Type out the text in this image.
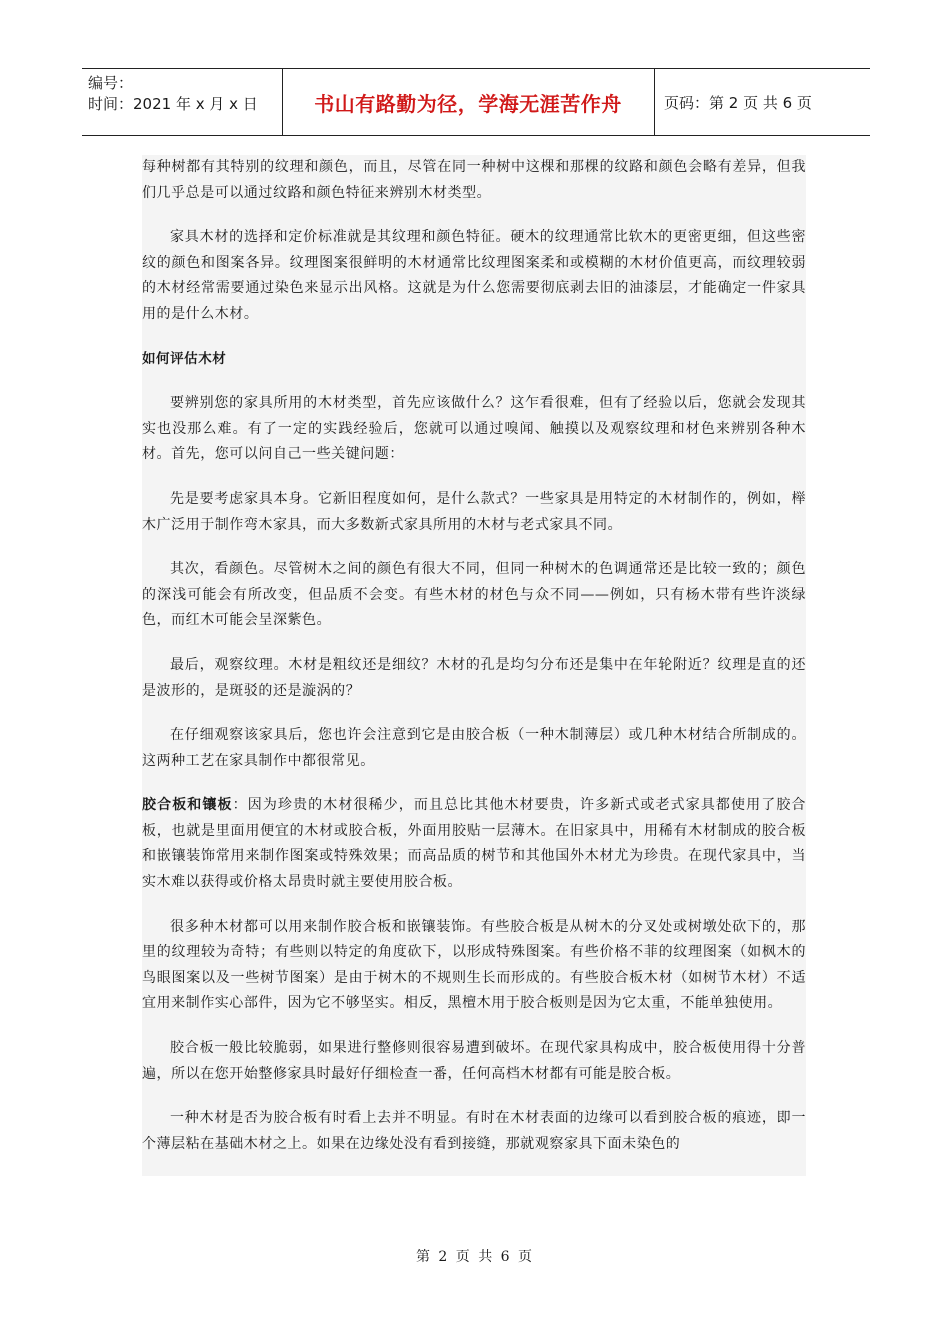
编号：
时间：2021 年 x 月 x 日	书山有路勤为径，学海无涯苦作舟	页码：第 2 页 共 6 页

每种树都有其特别的纹理和颜色，而且，尽管在同一种树中这棵和那棵的纹路和颜色会略有差异，但我们几乎总是可以通过纹路和颜色特征来辨别木材类型。

家具木材的选择和定价标准就是其纹理和颜色特征。硬木的纹理通常比软木的更密更细，但这些密纹的颜色和图案各异。纹理图案很鲜明的木材通常比纹理图案柔和或模糊的木材价值更高，而纹理较弱的木材经常需要通过染色来显示出风格。这就是为什么您需要彻底剥去旧的油漆层，才能确定一件家具用的是什么木材。

如何评估木材

要辨别您的家具所用的木材类型，首先应该做什么？这乍看很难，但有了经验以后，您就会发现其实也没那么难。有了一定的实践经验后，您就可以通过嗅闻、触摸以及观察纹理和材色来辨别各种木材。首先，您可以问自己一些关键问题：

先是要考虑家具本身。它新旧程度如何，是什么款式？一些家具是用特定的木材制作的，例如，榉木广泛用于制作弯木家具，而大多数新式家具所用的木材与老式家具不同。

其次，看颜色。尽管树木之间的颜色有很大不同，但同一种树木的色调通常还是比较一致的；颜色的深浅可能会有所改变，但品质不会变。有些木材的材色与众不同——例如，只有杨木带有些许淡绿色，而红木可能会呈深紫色。

最后，观察纹理。木材是粗纹还是细纹？木材的孔是均匀分布还是集中在年轮附近？纹理是直的还是波形的，是斑驳的还是漩涡的？

在仔细观察该家具后，您也许会注意到它是由胶合板（一种木制薄层）或几种木材结合所制成的。这两种工艺在家具制作中都很常见。

胶合板和镶板：因为珍贵的木材很稀少，而且总比其他木材要贵，许多新式或老式家具都使用了胶合板，也就是里面用便宜的木材或胶合板，外面用胶贴一层薄木。在旧家具中，用稀有木材制成的胶合板和嵌镶装饰常用来制作图案或特殊效果；而高品质的树节和其他国外木材尤为珍贵。在现代家具中，当实木难以获得或价格太昂贵时就主要使用胶合板。

很多种木材都可以用来制作胶合板和嵌镶装饰。有些胶合板是从树木的分叉处或树墩处砍下的，那里的纹理较为奇特；有些则以特定的角度砍下，以形成特殊图案。有些价格不菲的纹理图案（如枫木的鸟眼图案以及一些树节图案）是由于树木的不规则生长而形成的。有些胶合板木材（如树节木材）不适宜用来制作实心部件，因为它不够坚实。相反，黑檀木用于胶合板则是因为它太重，不能单独使用。

胶合板一般比较脆弱，如果进行整修则很容易遭到破坏。在现代家具构成中，胶合板使用得十分普遍，所以在您开始整修家具时最好仔细检查一番，任何高档木材都有可能是胶合板。

一种木材是否为胶合板有时看上去并不明显。有时在木材表面的边缘可以看到胶合板的痕迹，即一个薄层粘在基础木材之上。如果在边缘处没有看到接缝，那就观察家具下面未染色的

第 2 页 共 6 页
